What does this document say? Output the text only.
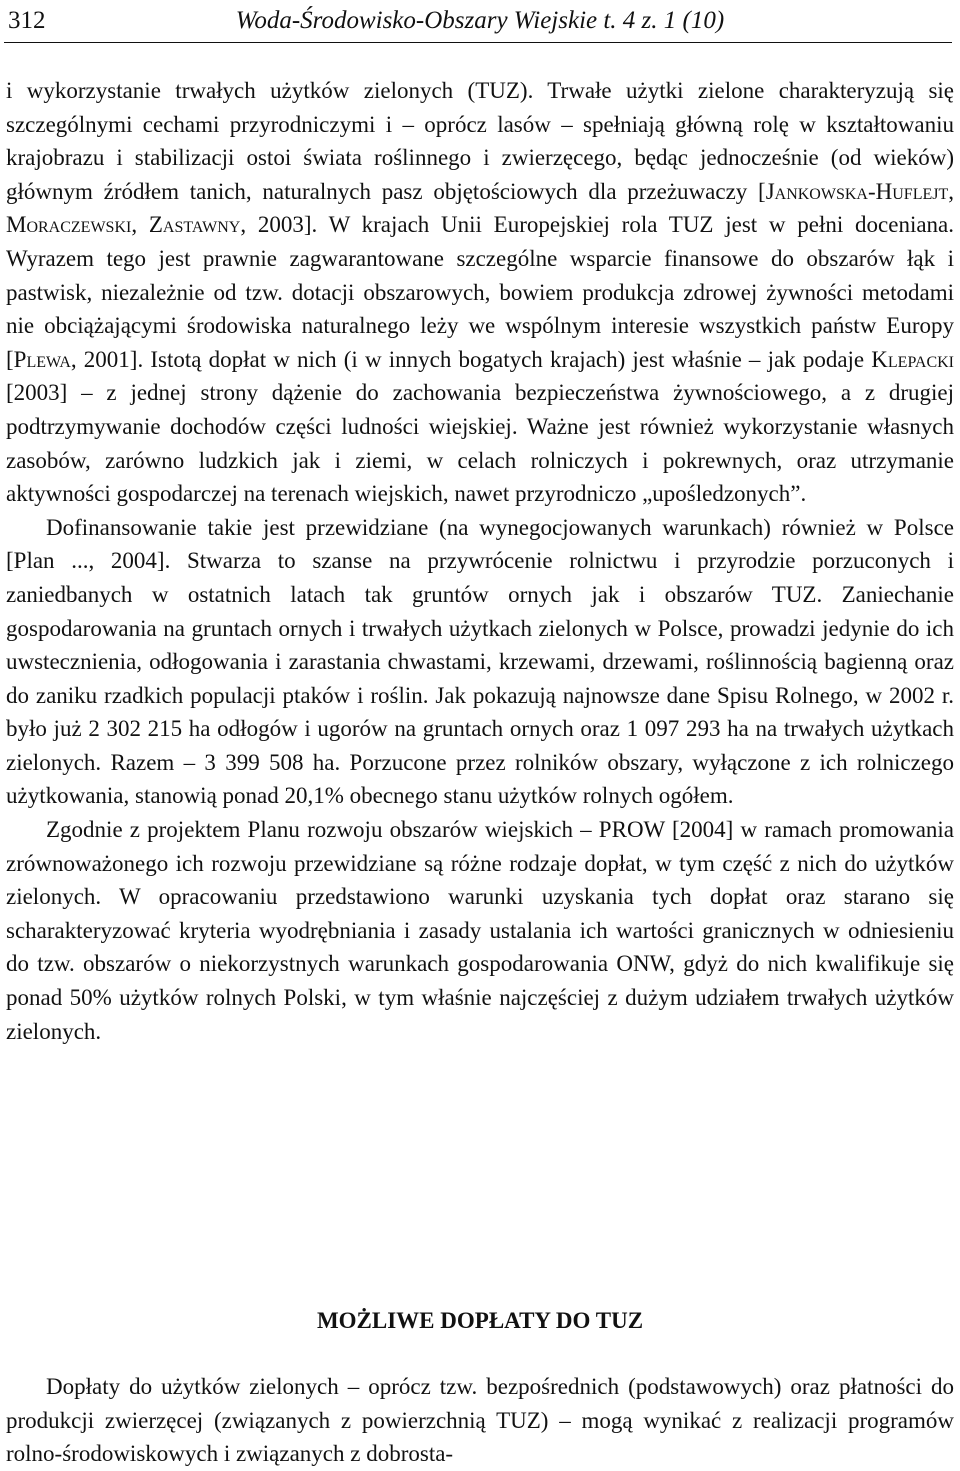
312	Woda-Środowisko-Obszary Wiejskie t. 4 z. 1 (10)

i wykorzystanie trwałych użytków zielonych (TUZ). Trwałe użytki zielone charakteryzują się szczególnymi cechami przyrodniczymi i – oprócz lasów – spełniają główną rolę w kształtowaniu krajobrazu i stabilizacji ostoi świata roślinnego i zwierzęcego, będąc jednocześnie (od wieków) głównym źródłem tanich, naturalnych pasz objętościowych dla przeżuwaczy [Jankowska-Huflejt, Moraczewski, Zastawny, 2003]. W krajach Unii Europejskiej rola TUZ jest w pełni doceniana. Wyrazem tego jest prawnie zagwarantowane szczególne wsparcie finansowe do obszarów łąk i pastwisk, niezależnie od tzw. dotacji obszarowych, bowiem produkcja zdrowej żywności metodami nie obciążającymi środowiska naturalnego leży we wspólnym interesie wszystkich państw Europy [Plewa, 2001]. Istotą dopłat w nich (i w innych bogatych krajach) jest właśnie – jak podaje Klepacki [2003] – z jednej strony dążenie do zachowania bezpieczeństwa żywnościowego, a z drugiej podtrzymywanie dochodów części ludności wiejskiej. Ważne jest również wykorzystanie własnych zasobów, zarówno ludzkich jak i ziemi, w celach rolniczych i pokrewnych, oraz utrzymanie aktywności gospodarczej na terenach wiejskich, nawet przyrodniczo „upośledzonych”.

Dofinansowanie takie jest przewidziane (na wynegocjowanych warunkach) również w Polsce [Plan ..., 2004]. Stwarza to szanse na przywrócenie rolnictwu i przyrodzie porzuconych i zaniedbanych w ostatnich latach tak gruntów ornych jak i obszarów TUZ. Zaniechanie gospodarowania na gruntach ornych i trwałych użytkach zielonych w Polsce, prowadzi jedynie do ich uwstecznienia, odłogowania i zarastania chwastami, krzewami, drzewami, roślinnością bagienną oraz do zaniku rzadkich populacji ptaków i roślin. Jak pokazują najnowsze dane Spisu Rolnego, w 2002 r. było już 2 302 215 ha odłogów i ugorów na gruntach ornych oraz 1 097 293 ha na trwałych użytkach zielonych. Razem – 3 399 508 ha. Porzucone przez rolników obszary, wyłączone z ich rolniczego użytkowania, stanowią ponad 20,1% obecnego stanu użytków rolnych ogółem.

Zgodnie z projektem Planu rozwoju obszarów wiejskich – PROW [2004] w ramach promowania zrównoważonego ich rozwoju przewidziane są różne rodzaje dopłat, w tym część z nich do użytków zielonych. W opracowaniu przedstawiono warunki uzyskania tych dopłat oraz starano się scharakteryzować kryteria wyodrębniania i zasady ustalania ich wartości granicznych w odniesieniu do tzw. obszarów o niekorzystnych warunkach gospodarowania ONW, gdyż do nich kwalifikuje się ponad 50% użytków rolnych Polski, w tym właśnie najczęściej z dużym udziałem trwałych użytków zielonych.

MOŻLIWE DOPŁATY DO TUZ

Dopłaty do użytków zielonych – oprócz tzw. bezpośrednich (podstawowych) oraz płatności do produkcji zwierzęcej (związanych z powierzchnią TUZ) – mogą wynikać z realizacji programów rolno-środowiskowych i związanych z dobrosta-
